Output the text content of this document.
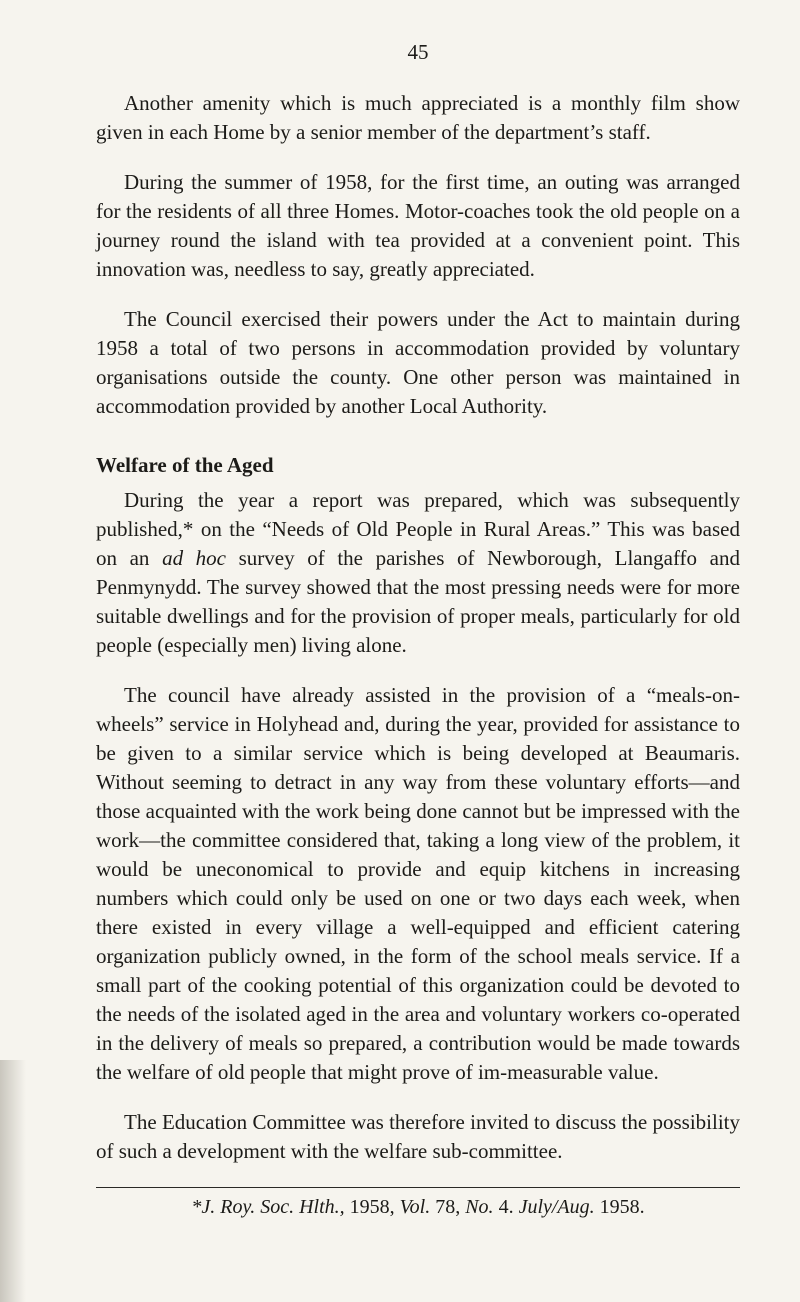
45

Another amenity which is much appreciated is a monthly film show given in each Home by a senior member of the department’s staff.

During the summer of 1958, for the first time, an outing was arranged for the residents of all three Homes. Motor-coaches took the old people on a journey round the island with tea provided at a convenient point. This innovation was, needless to say, greatly appreciated.

The Council exercised their powers under the Act to maintain during 1958 a total of two persons in accommodation provided by voluntary organisations outside the county. One other person was maintained in accommodation provided by another Local Authority.

Welfare of the Aged

During the year a report was prepared, which was subsequently published,* on the “Needs of Old People in Rural Areas.” This was based on an ad hoc survey of the parishes of Newborough, Llangaffo and Penmynydd. The survey showed that the most pressing needs were for more suitable dwellings and for the provision of proper meals, particularly for old people (especially men) living alone.

The council have already assisted in the provision of a “meals-on-wheels” service in Holyhead and, during the year, provided for assistance to be given to a similar service which is being developed at Beaumaris. Without seeming to detract in any way from these voluntary efforts—and those acquainted with the work being done cannot but be impressed with the work—the committee considered that, taking a long view of the problem, it would be uneconomical to provide and equip kitchens in increasing numbers which could only be used on one or two days each week, when there existed in every village a well-equipped and efficient catering organization publicly owned, in the form of the school meals service. If a small part of the cooking potential of this organization could be devoted to the needs of the isolated aged in the area and voluntary workers co-operated in the delivery of meals so prepared, a contribution would be made towards the welfare of old people that might prove of im-measurable value.

The Education Committee was therefore invited to discuss the possibility of such a development with the welfare sub-committee.

*J. Roy. Soc. Hlth., 1958, Vol. 78, No. 4. July/Aug. 1958.
